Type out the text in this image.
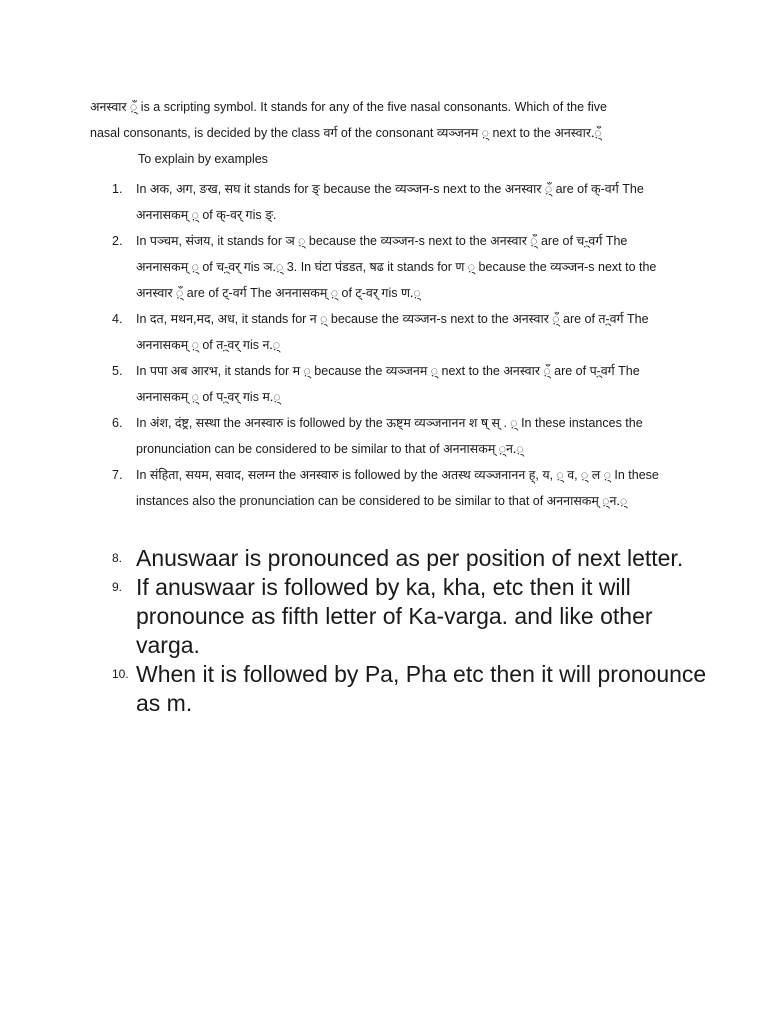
अनस्वार ़्ँ is a scripting symbol. It stands for any of the five nasal consonants. Which of the five

nasal consonants, is decided by the class वर्ग of the consonant व्यञ्जनम ़् next to the अनस्वार.़्ँ

To explain by examples

1. In अक, अग, ङख, सघ it stands for ङ् because the व्यञ्जन-s next to the अनस्वार ़्ँ are of क्-वर्ग The अननासकम् ़् of क्-वर् गis ङ्.
2. In पञ्चम, संजय, it stands for ञ ़् because the व्यञ्जन-s next to the अनस्वार ़्ँ are of च-़्वर्ग The अननासकम् ़् of च-़्वर् गis ञ.़् 3. In घंटा पंडडत, षढ it stands for ण ़् because the व्यञ्जन-s next to the अनस्वार ़्ँ are of ट्-वर्ग The अननासकम् ़् of ट्-वर् गis ण.़्
4. In दत, मथन,मद, अध, it stands for न ़् because the व्यञ्जन-s next to the अनस्वार ़्ँ are of त-़्वर्ग The अननासकम् ़् of त-़्वर् गis न.़्
5. In पपा अब आरभ, it stands for म ़् because the व्यञ्जनम ़् next to the अनस्वार ़्ँ are of प-़्वर्ग The अननासकम् ़् of प-़्वर् गis म.़्
6. In अंश, दंष्ट्र, सस्था the अनस्वारु is followed by the ऊष्ट्म व्यञ्जनानन श ष् स् . ़् In these instances the pronunciation can be considered to be similar to that of अननासकम् ़्न.़्
7. In संहिता, सयम, सवाद, सलग्न the अनस्वारु is followed by the अतस्थ व्यञ्जनानन ह्, य, ़् व, ़् ल ़् In these instances also the pronunciation can be considered to be similar to that of अननासकम् ़्न.़्
8. Anuswaar is pronounced as per position of next letter.
9. If anuswaar is followed by ka, kha, etc then it will pronounce as fifth letter of Ka-varga. and like other varga.
10. When it is followed by Pa, Pha etc then it will pronounce as m.
